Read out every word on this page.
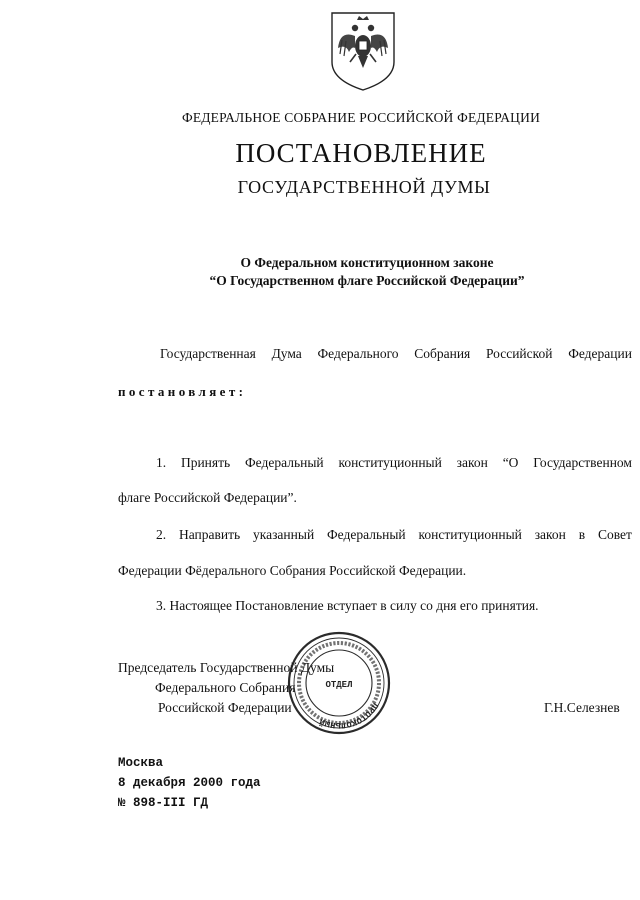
ФЕДЕРАЛЬНОЕ СОБРАНИЕ РОССИЙСКОЙ ФЕДЕРАЦИИ
ПОСТАНОВЛЕНИЕ
ГОСУДАРСТВЕННОЙ ДУМЫ
О Федеральном конституционном законе
“О Государственном флаге Российской Федерации”
Государственная Дума Федерального Собрания Российской Федерации
постановляет:
1. Принять Федеральный конституционный закон “О Государственном
флаге Российской Федерации”.
2. Направить указанный Федеральный конституционный закон в Совет
Федерации Фёдерального Собрания Российской Федерации.
3. Настоящее Постановление вступает в силу со дня его принятия.
Председатель Государственной Думы
Федерального Собрания
Российской Федерации	Г.Н.Селезнев
ПРОТОКОЛЬНЫЙ
ОТДЕЛ
Москва
8 декабря 2000 года
№ 898-III ГД
